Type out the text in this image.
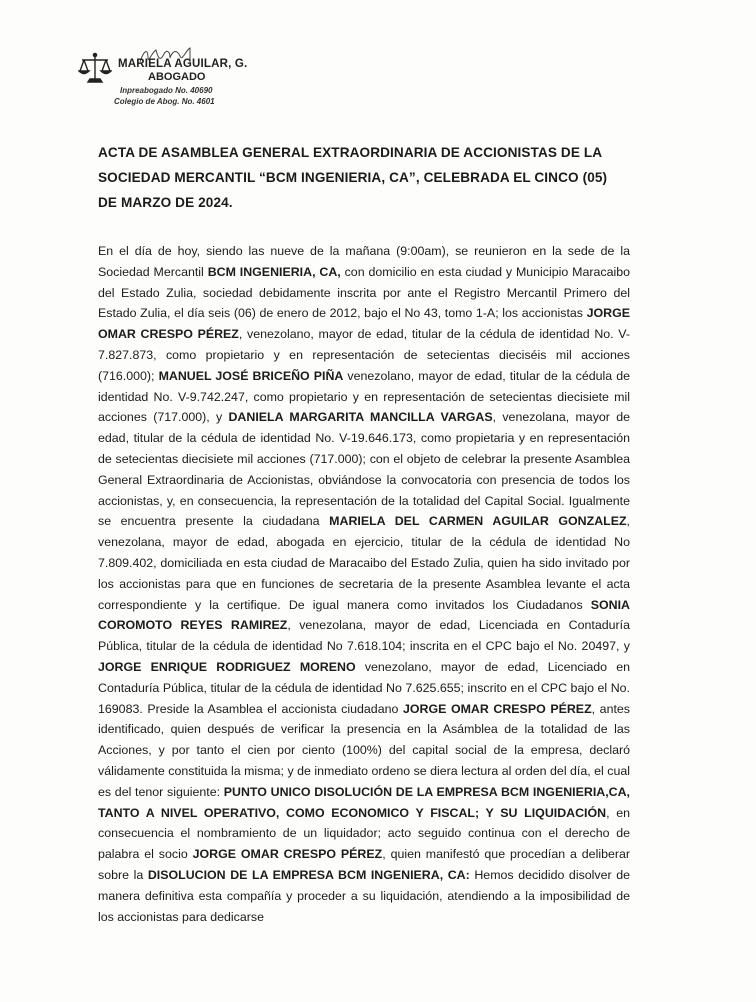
MARIELA AGUILAR, G.
ABOGADO
Inpreabogado No. 40690
Colegio de Abog. No. 4601
ACTA DE ASAMBLEA GENERAL EXTRAORDINARIA DE ACCIONISTAS DE LA SOCIEDAD MERCANTIL “BCM INGENIERIA, CA”, CELEBRADA EL CINCO (05) DE MARZO DE 2024.
En el día de hoy, siendo las nueve de la mañana (9:00am), se reunieron en la sede de la Sociedad Mercantil BCM INGENIERIA, CA, con domicilio en esta ciudad y Municipio Maracaibo del Estado Zulia, sociedad debidamente inscrita por ante el Registro Mercantil Primero del Estado Zulia, el día seis (06) de enero de 2012, bajo el No 43, tomo 1-A; los accionistas JORGE OMAR CRESPO PÉREZ, venezolano, mayor de edad, titular de la cédula de identidad No. V-7.827.873, como propietario y en representación de setecientas dieciséis mil acciones (716.000); MANUEL JOSÉ BRICEÑO PIÑA venezolano, mayor de edad, titular de la cédula de identidad No. V-9.742.247, como propietario y en representación de setecientas diecisiete mil acciones (717.000), y DANIELA MARGARITA MANCILLA VARGAS, venezolana, mayor de edad, titular de la cédula de identidad No. V-19.646.173, como propietaria y en representación de setecientas diecisiete mil acciones (717.000); con el objeto de celebrar la presente Asamblea General Extraordinaria de Accionistas, obviándose la convocatoria con presencia de todos los accionistas, y, en consecuencia, la representación de la totalidad del Capital Social. Igualmente se encuentra presente la ciudadana MARIELA DEL CARMEN AGUILAR GONZALEZ, venezolana, mayor de edad, abogada en ejercicio, titular de la cédula de identidad No 7.809.402, domiciliada en esta ciudad de Maracaibo del Estado Zulia, quien ha sido invitado por los accionistas para que en funciones de secretaria de la presente Asamblea levante el acta correspondiente y la certifique. De igual manera como invitados los Ciudadanos SONIA COROMOTO REYES RAMIREZ, venezolana, mayor de edad, Licenciada en Contaduría Pública, titular de la cédula de identidad No 7.618.104; inscrita en el CPC bajo el No. 20497, y JORGE ENRIQUE RODRIGUEZ MORENO venezolano, mayor de edad, Licenciado en Contaduría Pública, titular de la cédula de identidad No 7.625.655; inscrito en el CPC bajo el No. 169083. Preside la Asamblea el accionista ciudadano JORGE OMAR CRESPO PÉREZ, antes identificado, quien después de verificar la presencia en la Asámblea de la totalidad de las Acciones, y por tanto el cien por ciento (100%) del capital social de la empresa, declaró válidamente constituida la misma; y de inmediato ordeno se diera lectura al orden del día, el cual es del tenor siguiente: PUNTO UNICO DISOLUCIÓN DE LA EMPRESA BCM INGENIERIA,CA, TANTO A NIVEL OPERATIVO, COMO ECONOMICO Y FISCAL; Y SU LIQUIDACIÓN, en consecuencia el nombramiento de un liquidador; acto seguido continua con el derecho de palabra el socio JORGE OMAR CRESPO PÉREZ, quien manifestó que procedían a deliberar sobre la DISOLUCION DE LA EMPRESA BCM INGENIERA, CA: Hemos decidido disolver de manera definitiva esta compañía y proceder a su liquidación, atendiendo a la imposibilidad de los accionistas para dedicarse
